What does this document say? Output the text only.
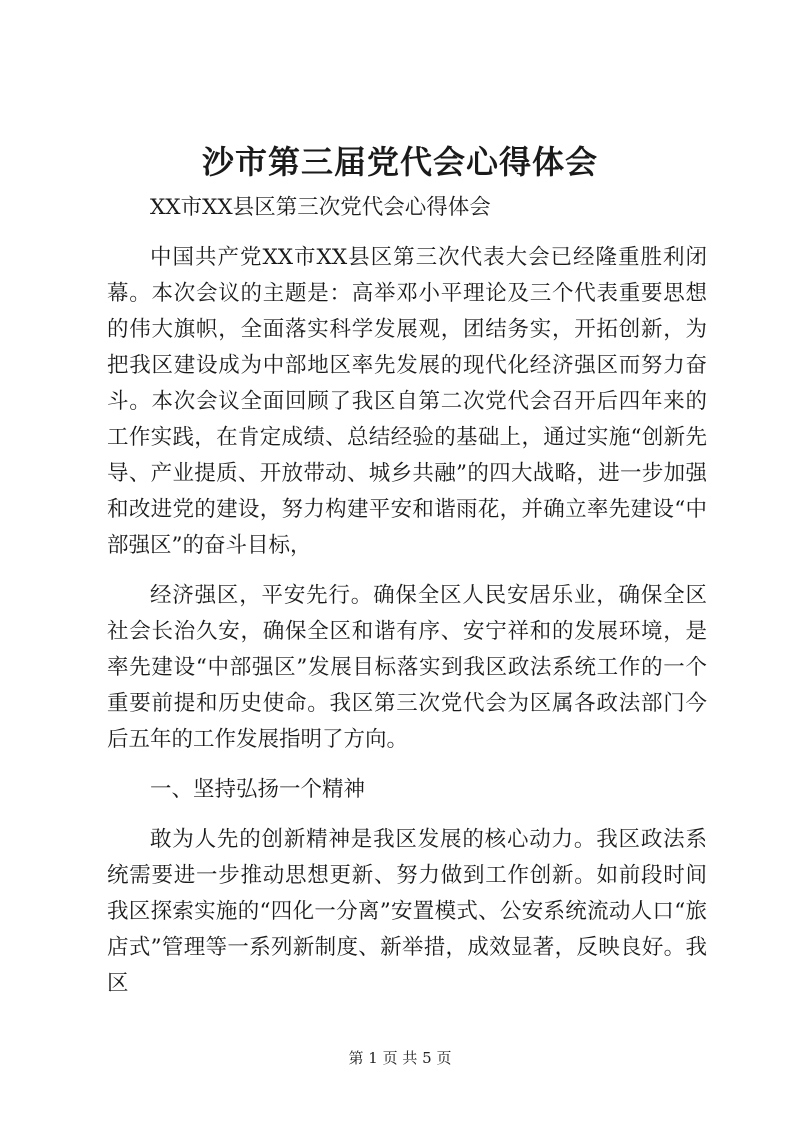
沙市第三届党代会心得体会

XX市XX县区第三次党代会心得体会

中国共产党XX市XX县区第三次代表大会已经隆重胜利闭幕。本次会议的主题是：高举邓小平理论及三个代表重要思想的伟大旗帜，全面落实科学发展观，团结务实，开拓创新，为把我区建设成为中部地区率先发展的现代化经济强区而努力奋斗。本次会议全面回顾了我区自第二次党代会召开后四年来的工作实践，在肯定成绩、总结经验的基础上，通过实施“创新先导、产业提质、开放带动、城乡共融”的四大战略，进一步加强和改进党的建设，努力构建平安和谐雨花，并确立率先建设“中部强区”的奋斗目标，

经济强区，平安先行。确保全区人民安居乐业，确保全区社会长治久安，确保全区和谐有序、安宁祥和的发展环境，是率先建设“中部强区”发展目标落实到我区政法系统工作的一个重要前提和历史使命。我区第三次党代会为区属各政法部门今后五年的工作发展指明了方向。

一、坚持弘扬一个精神

敢为人先的创新精神是我区发展的核心动力。我区政法系统需要进一步推动思想更新、努力做到工作创新。如前段时间我区探索实施的“四化一分离”安置模式、公安系统流动人口“旅店式”管理等一系列新制度、新举措，成效显著，反映良好。我区

第 1 页 共 5 页
